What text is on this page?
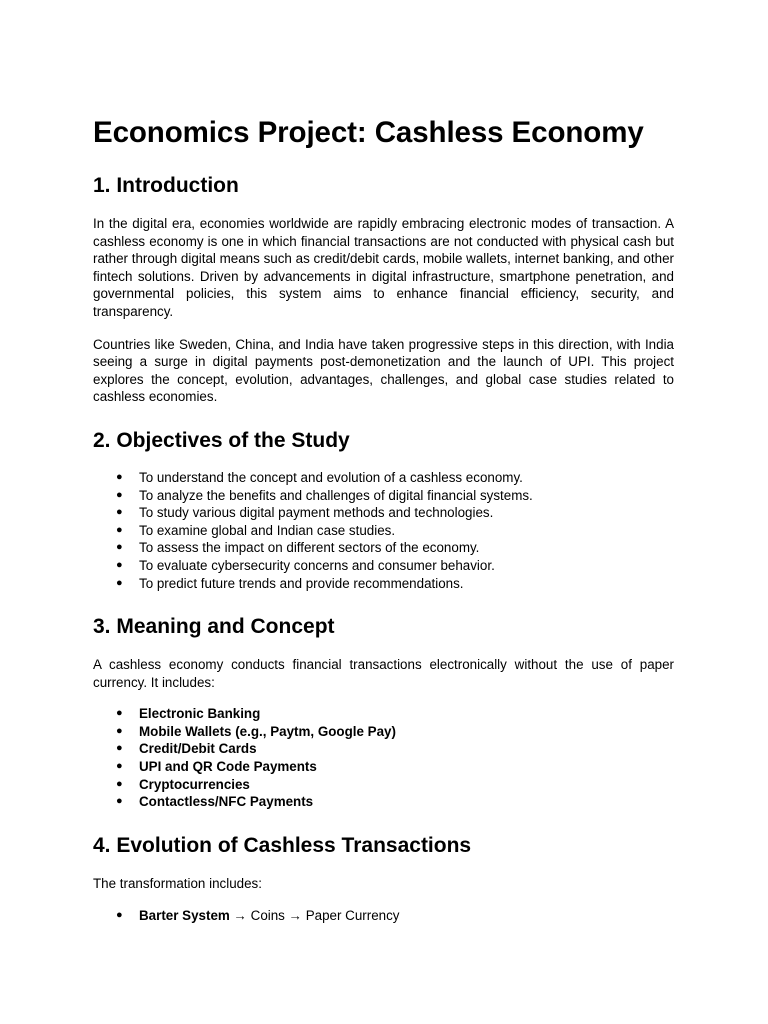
Economics Project: Cashless Economy
1. Introduction

In the digital era, economies worldwide are rapidly embracing electronic modes of transaction. A cashless economy is one in which financial transactions are not conducted with physical cash but rather through digital means such as credit/debit cards, mobile wallets, internet banking, and other fintech solutions. Driven by advancements in digital infrastructure, smartphone penetration, and governmental policies, this system aims to enhance financial efficiency, security, and transparency.

Countries like Sweden, China, and India have taken progressive steps in this direction, with India seeing a surge in digital payments post-demonetization and the launch of UPI. This project explores the concept, evolution, advantages, challenges, and global case studies related to cashless economies.

2. Objectives of the Study
● To understand the concept and evolution of a cashless economy.
● To analyze the benefits and challenges of digital financial systems.
● To study various digital payment methods and technologies.
● To examine global and Indian case studies.
● To assess the impact on different sectors of the economy.
● To evaluate cybersecurity concerns and consumer behavior.
● To predict future trends and provide recommendations.
3. Meaning and Concept

A cashless economy conducts financial transactions electronically without the use of paper currency. It includes:

● Electronic Banking
● Mobile Wallets (e.g., Paytm, Google Pay)
● Credit/Debit Cards
● UPI and QR Code Payments
● Cryptocurrencies
● Contactless/NFC Payments
4. Evolution of Cashless Transactions

The transformation includes:

● Barter System → Coins → Paper Currency
